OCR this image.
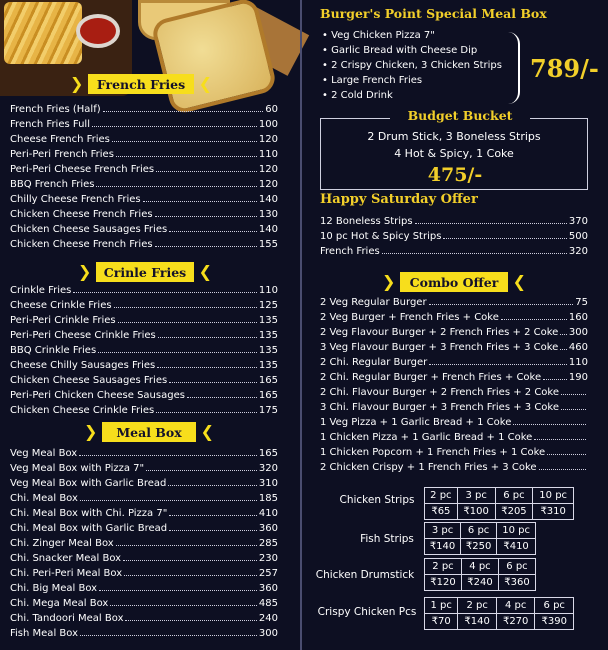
❯ French Fries ❮
French Fries (Half)	60
French Fries Full	100
Cheese French Fries	120
Peri-Peri French Fries	110
Peri-Peri Cheese French Fries	120
BBQ French Fries	120
Chilly Cheese French Fries	140
Chicken Cheese French Fries	130
Chicken Cheese Sausages Fries	140
Chicken Cheese French Fries	155
❯ Crinle Fries ❮
Crinkle Fries	110
Cheese Crinkle Fries	125
Peri-Peri Crinkle Fries	135
Peri-Peri Cheese Crinkle Fries	135
BBQ Crinkle Fries	135
Cheese Chilly Sausages Fries	135
Chicken Cheese Sausages Fries	165
Peri-Peri Chicken Cheese Sausages	165
Chicken Cheese Crinkle Fries	175
❯ Meal Box ❮
Veg Meal Box	165
Veg Meal Box with Pizza 7"	320
Veg Meal Box with Garlic Bread	310
Chi. Meal Box	185
Chi. Meal Box with Chi. Pizza 7"	410
Chi. Meal Box with Garlic Bread	360
Chi. Zinger Meal Box	285
Chi. Snacker Meal Box	230
Chi. Peri-Peri Meal Box	257
Chi. Big Meal Box	360
Chi. Mega Meal Box	485
Chi. Tandoori Meal Box	240
Fish Meal Box	300
Burger's Point Special Meal Box
• Veg Chicken Pizza 7"
• Garlic Bread with Cheese Dip
• 2 Crispy Chicken, 3 Chicken Strips
• Large French Fries
• 2 Cold Drink
789/-
Budget Bucket
2 Drum Stick, 3 Boneless Strips
4 Hot & Spicy, 1 Coke
475/-
Happy Saturday Offer
12 Boneless Strips	370
10 pc Hot & Spicy Strips	500
French Fries	320
❯ Combo Offer ❮
2 Veg Regular Burger	75
2 Veg Burger + French Fries + Coke	160
2 Veg Flavour Burger + 2 French Fries + 2 Coke 300
3 Veg Flavour Burger + 3 French Fries + 3 Coke 460
2 Chi. Regular Burger	110
2 Chi. Regular Burger + French Fries + Coke	190
2 Chi. Flavour Burger + 2 French Fries + 2 Coke
3 Chi. Flavour Burger + 3 French Fries + 3 Coke
1 Veg Pizza + 1 Garlic Bread + 1 Coke
1 Chicken Pizza + 1 Garlic Bread + 1 Coke
1 Chicken Popcorn + 1 French Fries + 1 Coke
2 Chicken Crispy + 1 French Fries + 3 Coke
Chicken Strips	2 pc	3 pc	6 pc	10 pc
₹65	₹100	₹205	₹310
Fish Strips
3 pc	6 pc	10 pc
₹140	₹250	₹410
Chicken Drumstick
2 pc	4 pc	6 pc
₹120	₹240	₹360
Crispy Chicken Pcs
1 pc	2 pc	4 pc	6 pc
₹70	₹140	₹270	₹390
